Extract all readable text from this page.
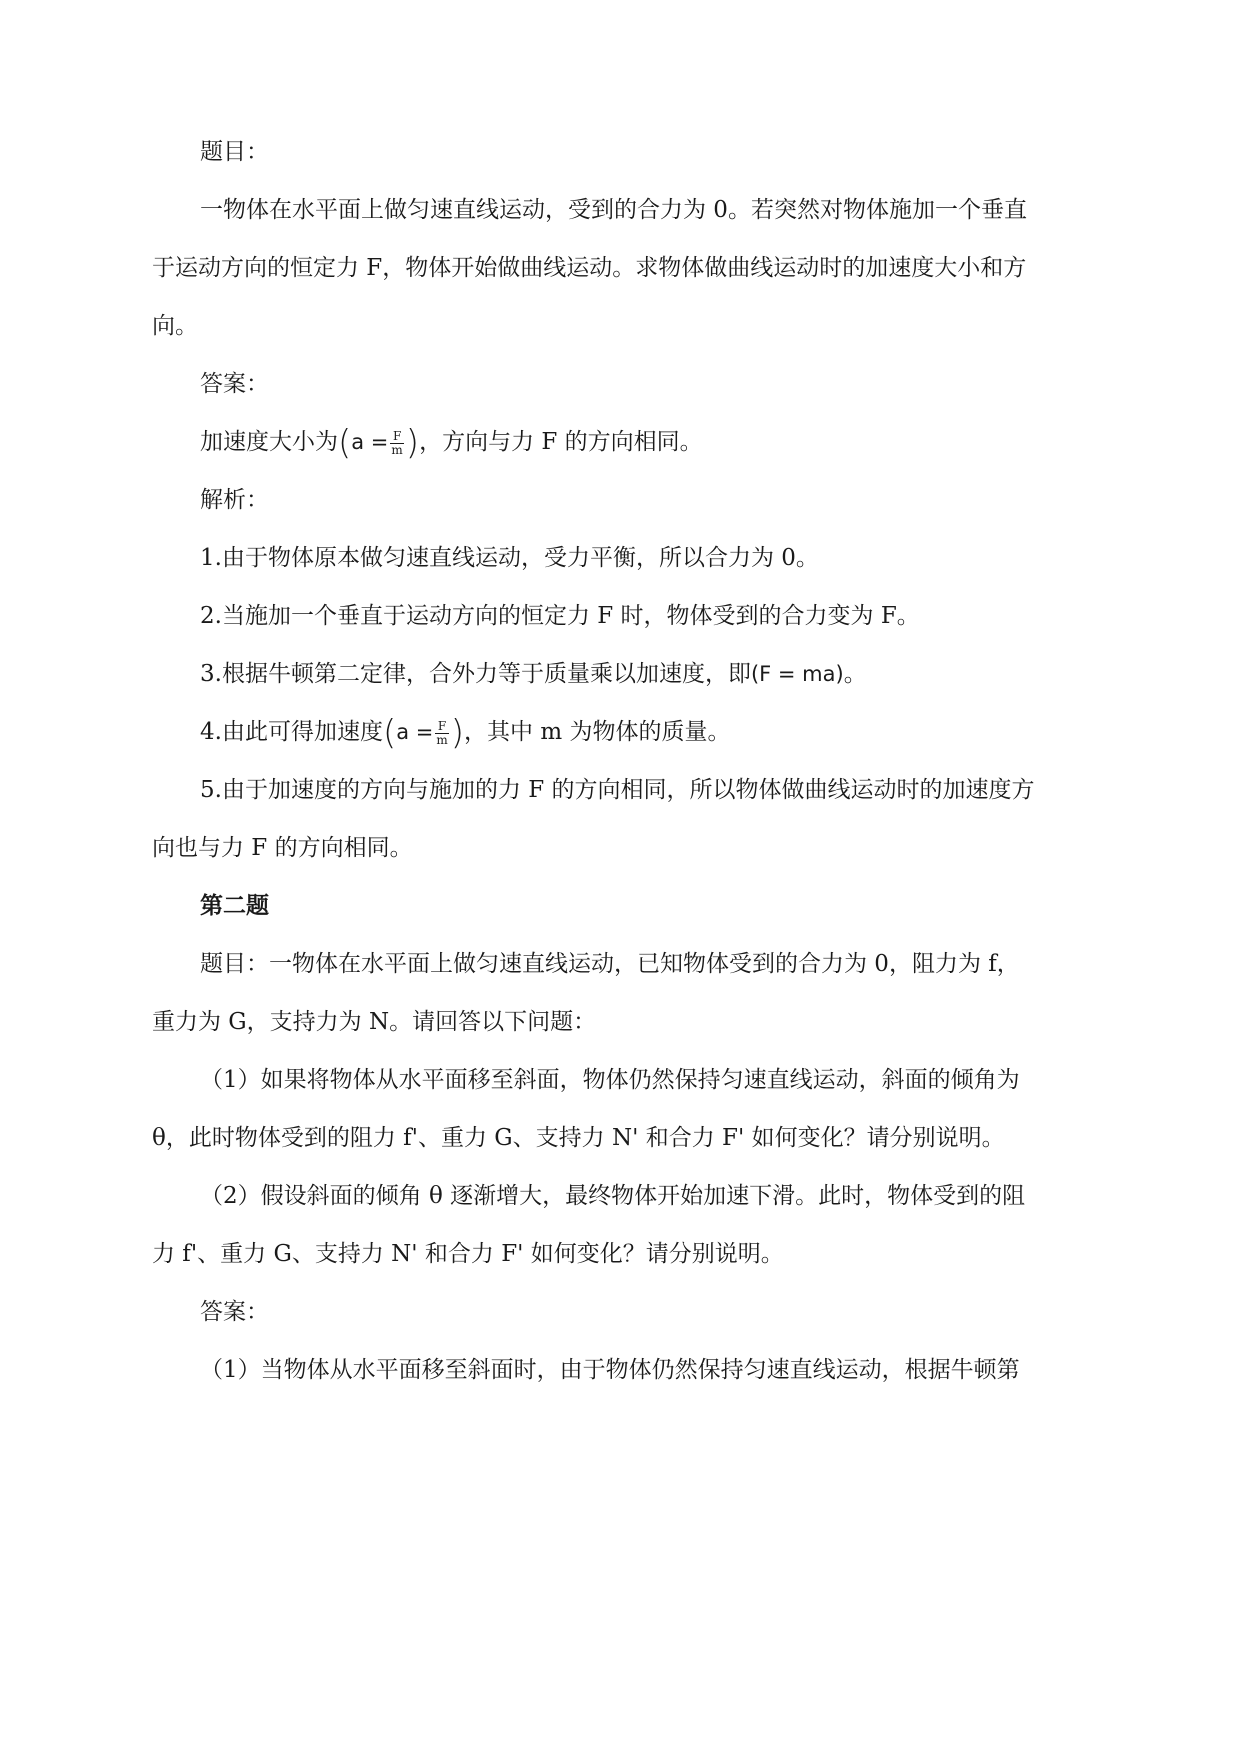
题目：
一物体在水平面上做匀速直线运动，受到的合力为 0。若突然对物体施加一个垂直
于运动方向的恒定力 F，物体开始做曲线运动。求物体做曲线运动时的加速度大小和方
向。
答案：
加速度大小为($a = \frac{F}{m}$ )，方向与力 F 的方向相同。
解析：
1.由于物体原本做匀速直线运动，受力平衡，所以合力为 0。
2.当施加一个垂直于运动方向的恒定力 F 时，物体受到的合力变为 F。
3.根据牛顿第二定律，合外力等于质量乘以加速度，即(F = ma)。
4.由此可得加速度($a = \frac{F}{m}$ )，其中 m 为物体的质量。
5.由于加速度的方向与施加的力 F 的方向相同，所以物体做曲线运动时的加速度方
向也与力 F 的方向相同。
第二题
题目：一物体在水平面上做匀速直线运动，已知物体受到的合力为 0，阻力为 f，
重力为 G，支持力为 N。请回答以下问题：
（1）如果将物体从水平面移至斜面，物体仍然保持匀速直线运动，斜面的倾角为
θ，此时物体受到的阻力 f'、重力 G、支持力 N' 和合力 F' 如何变化？请分别说明。
（2）假设斜面的倾角 θ 逐渐增大，最终物体开始加速下滑。此时，物体受到的阻
力 f'、重力 G、支持力 N' 和合力 F' 如何变化？请分别说明。
答案：
（1）当物体从水平面移至斜面时，由于物体仍然保持匀速直线运动，根据牛顿第
